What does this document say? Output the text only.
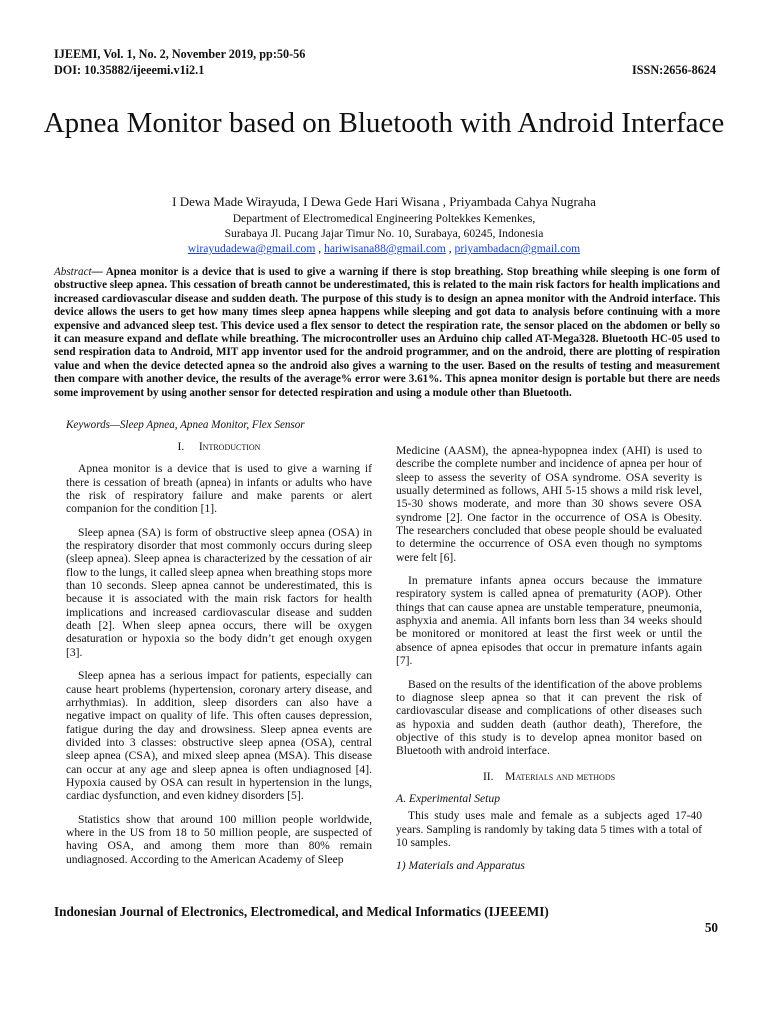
IJEEMI, Vol. 1, No. 2, November 2019, pp:50-56
DOI: 10.35882/ijeeemi.v1i2.1	ISSN:2656-8624
Apnea Monitor based on Bluetooth with Android Interface
I Dewa Made Wirayuda, I Dewa Gede Hari Wisana , Priyambada Cahya Nugraha
Department of Electromedical Engineering Poltekkes Kemenkes,
Surabaya Jl. Pucang Jajar Timur No. 10, Surabaya, 60245, Indonesia
wirayudadewa@gmail.com , hariwisana88@gmail.com , priyambadacn@gmail.com
Abstract— Apnea monitor is a device that is used to give a warning if there is stop breathing. Stop breathing while sleeping is one form of obstructive sleep apnea. This cessation of breath cannot be underestimated, this is related to the main risk factors for health implications and increased cardiovascular disease and sudden death. The purpose of this study is to design an apnea monitor with the Android interface. This device allows the users to get how many times sleep apnea happens while sleeping and got data to analysis before continuing with a more expensive and advanced sleep test. This device used a flex sensor to detect the respiration rate, the sensor placed on the abdomen or belly so it can measure expand and deflate while breathing. The microcontroller uses an Arduino chip called AT-Mega328. Bluetooth HC-05 used to send respiration data to Android, MIT app inventor used for the android programmer, and on the android, there are plotting of respiration value and when the device detected apnea so the android also gives a warning to the user. Based on the results of testing and measurement then compare with another device, the results of the average% error were 3.61%. This apnea monitor design is portable but there are needs some improvement by using another sensor for detected respiration and using a module other than Bluetooth.
Keywords—Sleep Apnea, Apnea Monitor, Flex Sensor
I. Introduction
Apnea monitor is a device that is used to give a warning if there is cessation of breath (apnea) in infants or adults who have the risk of respiratory failure and make parents or alert companion for the condition [1].
Sleep apnea (SA) is form of obstructive sleep apnea (OSA) in the respiratory disorder that most commonly occurs during sleep (sleep apnea). Sleep apnea is characterized by the cessation of air flow to the lungs, it called sleep apnea when breathing stops more than 10 seconds. Sleep apnea cannot be underestimated, this is because it is associated with the main risk factors for health implications and increased cardiovascular disease and sudden death [2]. When sleep apnea occurs, there will be oxygen desaturation or hypoxia so the body didn’t get enough oxygen [3].
Sleep apnea has a serious impact for patients, especially can cause heart problems (hypertension, coronary artery disease, and arrhythmias). In addition, sleep disorders can also have a negative impact on quality of life. This often causes depression, fatigue during the day and drowsiness. Sleep apnea events are divided into 3 classes: obstructive sleep apnea (OSA), central sleep apnea (CSA), and mixed sleep apnea (MSA). This disease can occur at any age and sleep apnea is often undiagnosed [4]. Hypoxia caused by OSA can result in hypertension in the lungs, cardiac dysfunction, and even kidney disorders [5].
Statistics show that around 100 million people worldwide, where in the US from 18 to 50 million people, are suspected of having OSA, and among them more than 80% remain undiagnosed. According to the American Academy of Sleep
Medicine (AASM), the apnea-hypopnea index (AHI) is used to describe the complete number and incidence of apnea per hour of sleep to assess the severity of OSA syndrome. OSA severity is usually determined as follows, AHI 5-15 shows a mild risk level, 15-30 shows moderate, and more than 30 shows severe OSA syndrome [2]. One factor in the occurrence of OSA is Obesity. The researchers concluded that obese people should be evaluated to determine the occurrence of OSA even though no symptoms were felt [6].
In premature infants apnea occurs because the immature respiratory system is called apnea of prematurity (AOP). Other things that can cause apnea are unstable temperature, pneumonia, asphyxia and anemia. All infants born less than 34 weeks should be monitored or monitored at least the first week or until the absence of apnea episodes that occur in premature infants again [7].
Based on the results of the identification of the above problems to diagnose sleep apnea so that it can prevent the risk of cardiovascular disease and complications of other diseases such as hypoxia and sudden death (author death), Therefore, the objective of this study is to develop apnea monitor based on Bluetooth with android interface.
II. Materials and methods
A. Experimental Setup
This study uses male and female as a subjects aged 17-40 years. Sampling is randomly by taking data 5 times with a total of 10 samples.
1) Materials and Apparatus
Indonesian Journal of Electronics, Electromedical, and Medical Informatics (IJEEEMI)
50
